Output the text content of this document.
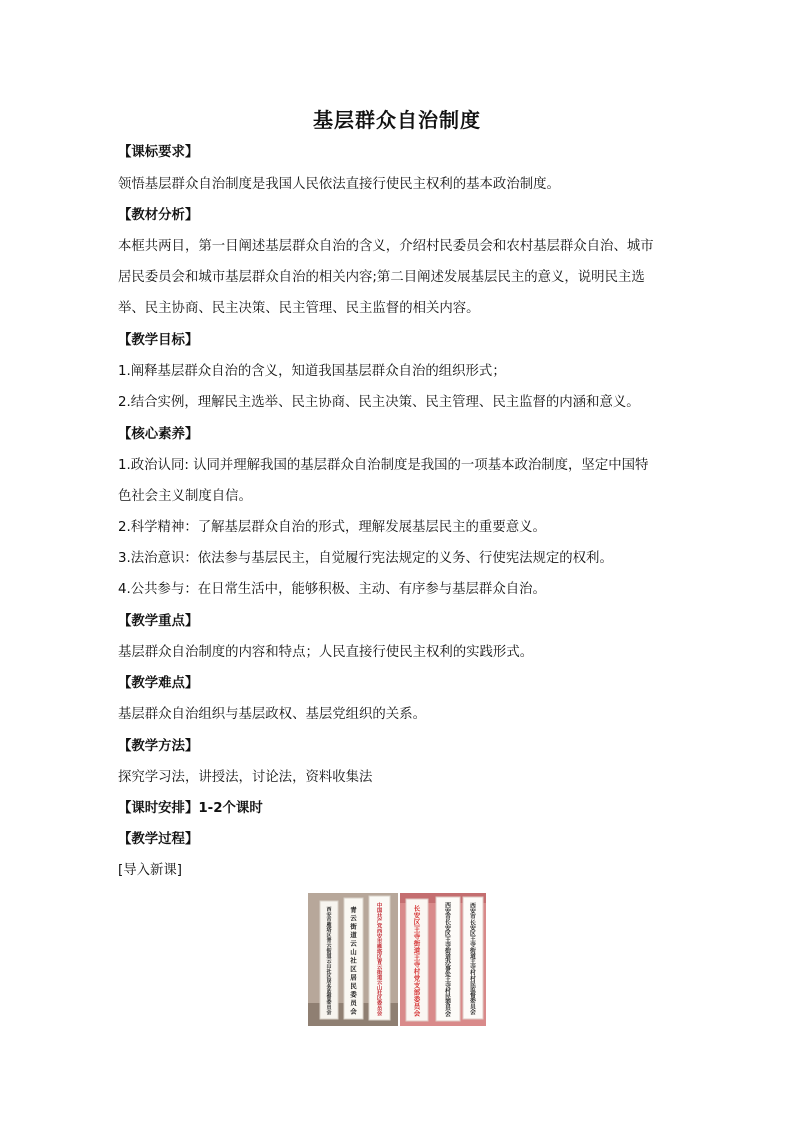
基层群众自治制度
【课标要求】
领悟基层群众自治制度是我国人民依法直接行使民主权利的基本政治制度。
【教材分析】
本框共两目，第一目阐述基层群众自治的含义，介绍村民委员会和农村基层群众自治、城市
居民委员会和城市基层群众自治的相关内容;第二目阐述发展基层民主的意义，说明民主选
举、民主协商、民主决策、民主管理、民主监督的相关内容。
【教学目标】
1.阐释基层群众自治的含义，知道我国基层群众自治的组织形式；
2.结合实例，理解民主选举、民主协商、民主决策、民主管理、民主监督的内涵和意义。
【核心素养】
1.政治认同: 认同并理解我国的基层群众自治制度是我国的一项基本政治制度，坚定中国特
色社会主义制度自信。
2.科学精神：了解基层群众自治的形式，理解发展基层民主的重要意义。
3.法治意识：依法参与基层民主，自觉履行宪法规定的义务、行使宪法规定的权利。
4.公共参与：在日常生活中，能够积极、主动、有序参与基层群众自治。
【教学重点】
基层群众自治制度的内容和特点；人民直接行使民主权利的实践形式。
【教学难点】
基层群众自治组织与基层政权、基层党组织的关系。
【教学方法】
探究学习法，讲授法，讨论法，资料收集法
【课时安排】1-2个课时
【教学过程】
[导入新课]
西
安
市
雁
塔
区
青
云
街
道
云
山
社
区
居
务
监
督
委
员
会
青
云
街
道
云
山
社
区
居
民
委
员
会
中
国
共
产
党
西
安
市
雁
塔
区
青
云
街
道
云
山
社
区
委
员
会
长
安
区
王
寺
街
道
王
寺
村
党
支
部
委
员
会
西
安
市
长
安
区
王
寺
街
道
办
事
处
王
寺
村
民
委
员
会
西
安
市
长
安
区
王
寺
街
道
王
寺
村
村
民
监
督
委
员
会
